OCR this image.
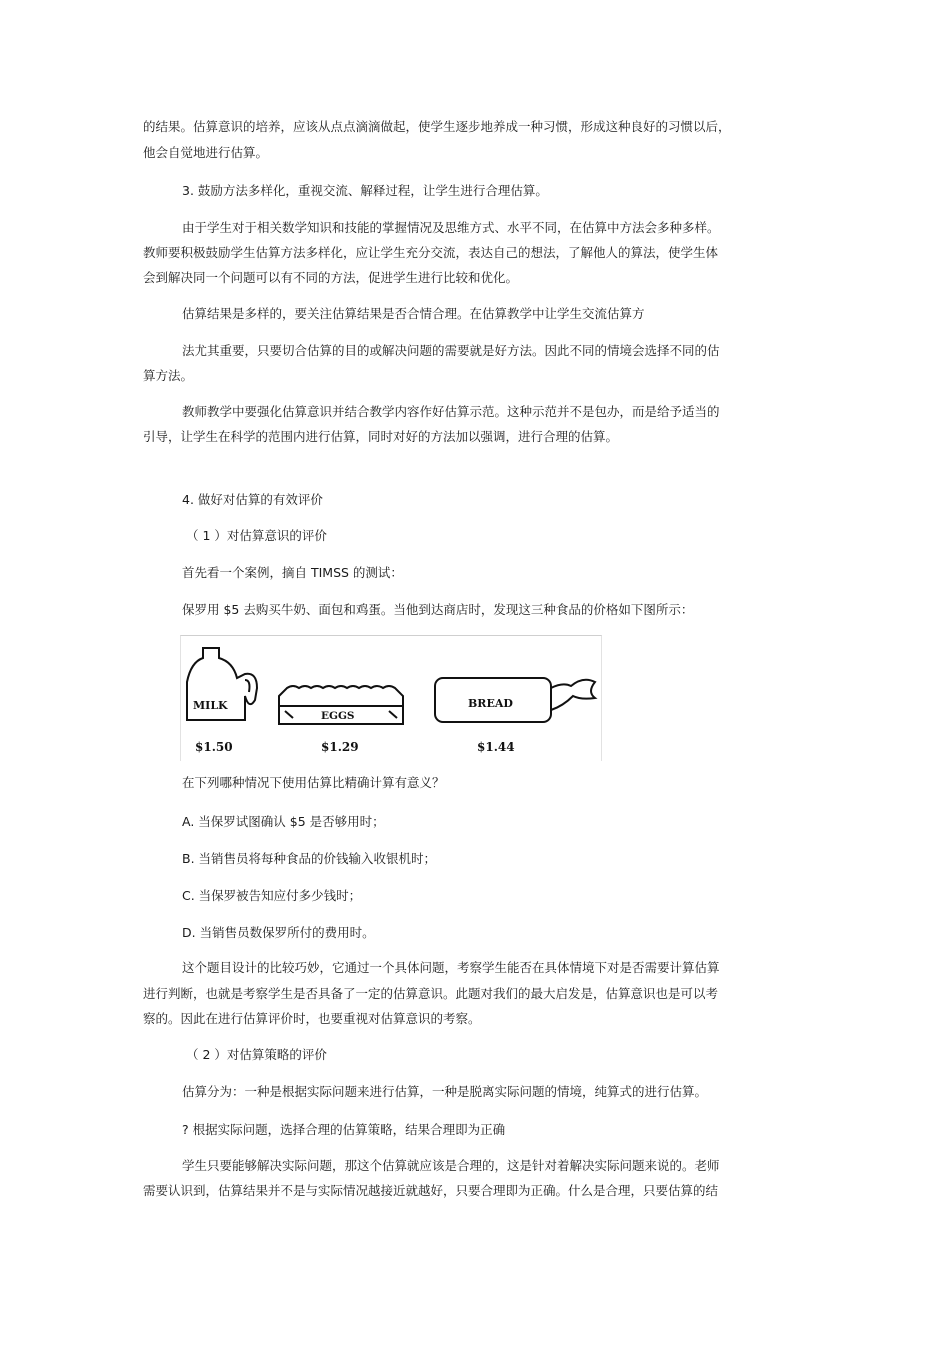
的结果。估算意识的培养，应该从点点滴滴做起，使学生逐步地养成一种习惯，形成这种良好的习惯以后，
他会自觉地进行估算。
3. 鼓励方法多样化，重视交流、解释过程，让学生进行合理估算。
由于学生对于相关数学知识和技能的掌握情况及思维方式、水平不同，在估算中方法会多种多样。
教师要积极鼓励学生估算方法多样化，应让学生充分交流，表达自己的想法，了解他人的算法，使学生体
会到解决同一个问题可以有不同的方法，促进学生进行比较和优化。
估算结果是多样的，要关注估算结果是否合情合理。在估算教学中让学生交流估算方
法尤其重要，只要切合估算的目的或解决问题的需要就是好方法。因此不同的情境会选择不同的估
算方法。
教师教学中要强化估算意识并结合教学内容作好估算示范。这种示范并不是包办，而是给予适当的
引导，让学生在科学的范围内进行估算，同时对好的方法加以强调，进行合理的估算。
4. 做好对估算的有效评价
（ 1 ）对估算意识的评价
首先看一个案例，摘自 TIMSS 的测试：
保罗用 $5 去购买牛奶、面包和鸡蛋。当他到达商店时，发现这三种食品的价格如下图所示：
MILK
EGGS
BREAD
$1.50	$1.29	$1.44
在下列哪种情况下使用估算比精确计算有意义？
A. 当保罗试图确认 $5 是否够用时；
B. 当销售员将每种食品的价钱输入收银机时；
C. 当保罗被告知应付多少钱时；
D. 当销售员数保罗所付的费用时。
这个题目设计的比较巧妙，它通过一个具体问题，考察学生能否在具体情境下对是否需要计算估算
进行判断，也就是考察学生是否具备了一定的估算意识。此题对我们的最大启发是，估算意识也是可以考
察的。因此在进行估算评价时，也要重视对估算意识的考察。
（ 2 ）对估算策略的评价
估算分为：一种是根据实际问题来进行估算，一种是脱离实际问题的情境，纯算式的进行估算。
? 根据实际问题，选择合理的估算策略，结果合理即为正确
学生只要能够解决实际问题，那这个估算就应该是合理的，这是针对着解决实际问题来说的。老师
需要认识到，估算结果并不是与实际情况越接近就越好，只要合理即为正确。什么是合理，只要估算的结
